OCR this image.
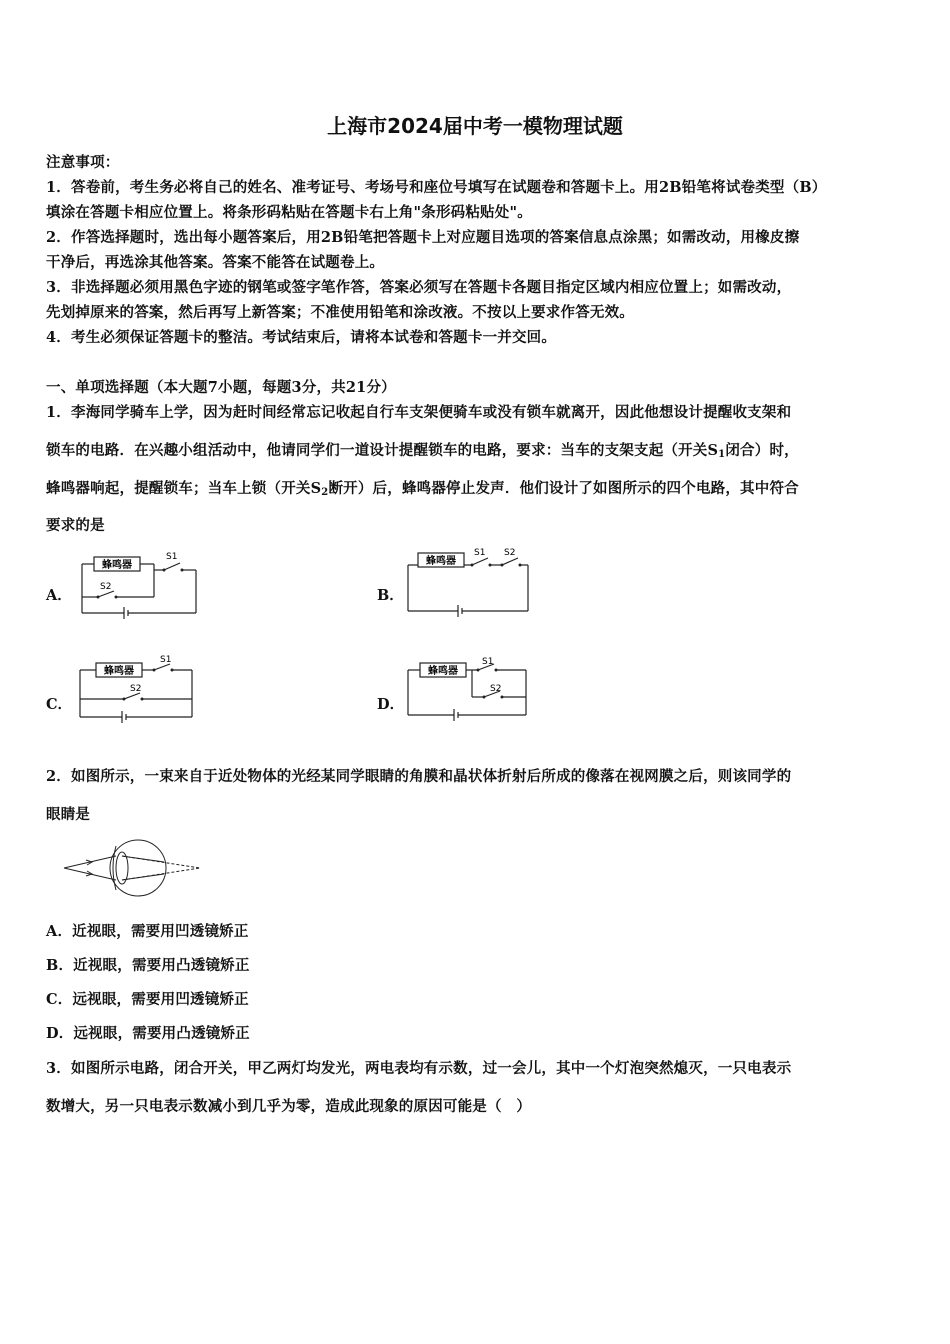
上海市2024届中考一模物理试题
注意事项：
1．答卷前，考生务必将自己的姓名、准考证号、考场号和座位号填写在试题卷和答题卡上。用2B铅笔将试卷类型（B）
填涂在答题卡相应位置上。将条形码粘贴在答题卡右上角"条形码粘贴处"。
2．作答选择题时，选出每小题答案后，用2B铅笔把答题卡上对应题目选项的答案信息点涂黑；如需改动，用橡皮擦
干净后，再选涂其他答案。答案不能答在试题卷上。
3．非选择题必须用黑色字迹的钢笔或签字笔作答，答案必须写在答题卡各题目指定区域内相应位置上；如需改动，
先划掉原来的答案，然后再写上新答案；不准使用铅笔和涂改液。不按以上要求作答无效。
4．考生必须保证答题卡的整洁。考试结束后，请将本试卷和答题卡一并交回。
一、单项选择题（本大题7小题，每题3分，共21分）
1．李海同学骑车上学，因为赶时间经常忘记收起自行车支架便骑车或没有锁车就离开，因此他想设计提醒收支架和
锁车的电路．在兴趣小组活动中，他请同学们一道设计提醒锁车的电路，要求：当车的支架支起（开关$S_1$闭合）时，
蜂鸣器响起，提醒锁车；当车上锁（开关$S_2$断开）后，蜂鸣器停止发声．他们设计了如图所示的四个电路，其中符合
要求的是
A．	B．
C．	D．
蜂鸣器
S1
S2
蜂鸣器
S1 S2
蜂鸣器
S1
S2
蜂鸣器
S1
S2
2．如图所示，一束来自于近处物体的光经某同学眼睛的角膜和晶状体折射后所成的像落在视网膜之后，则该同学的
眼睛是
A．近视眼，需要用凹透镜矫正
B．近视眼，需要用凸透镜矫正
C．远视眼，需要用凹透镜矫正
D．远视眼，需要用凸透镜矫正
3．如图所示电路，闭合开关，甲乙两灯均发光，两电表均有示数，过一会儿，其中一个灯泡突然熄灭，一只电表示
数增大，另一只电表示数减小到几乎为零，造成此现象的原因可能是（　）
